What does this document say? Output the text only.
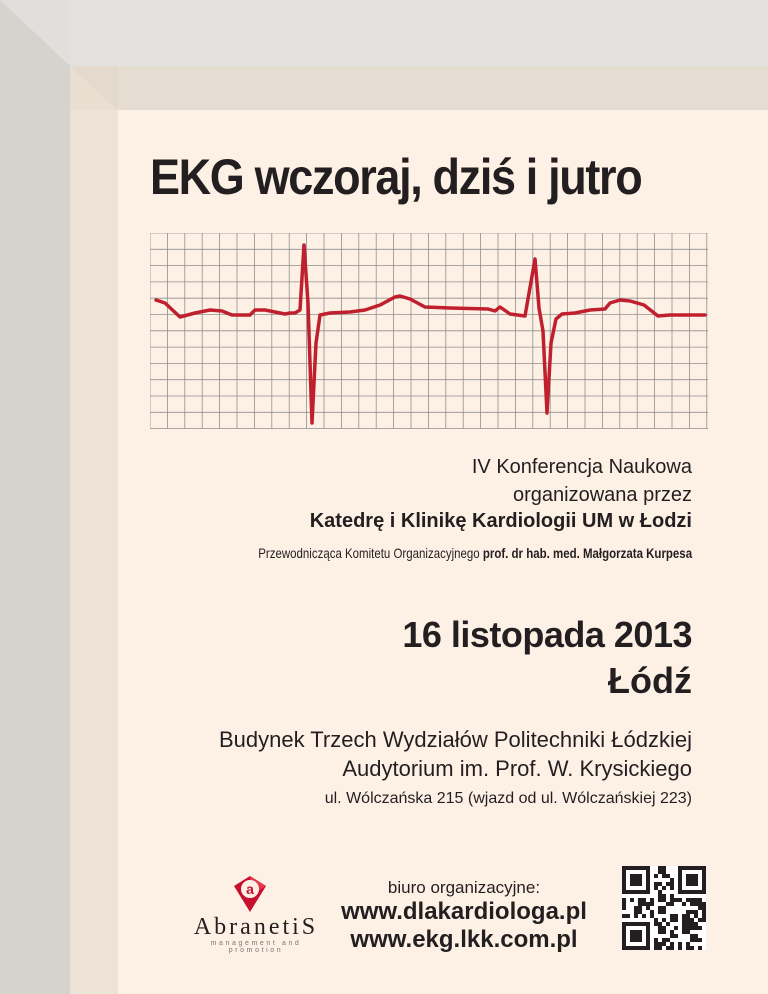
EKG wczoraj, dziś i jutro
IV Konferencja Naukowa
organizowana przez
Katedrę i Klinikę Kardiologii UM w Łodzi
Przewodnicząca Komitetu Organizacyjnego prof. dr hab. med. Małgorzata Kurpesa
16 listopada 2013
Łódź
Budynek Trzech Wydziałów Politechniki Łódzkiej
Audytorium im. Prof. W. Krysickiego
ul. Wólczańska 215 (wjazd od ul. Wólczańskiej 223)
a
AbranetiS
management and promotion
biuro organizacyjne:
www.dlakardiologa.pl
www.ekg.lkk.com.pl
